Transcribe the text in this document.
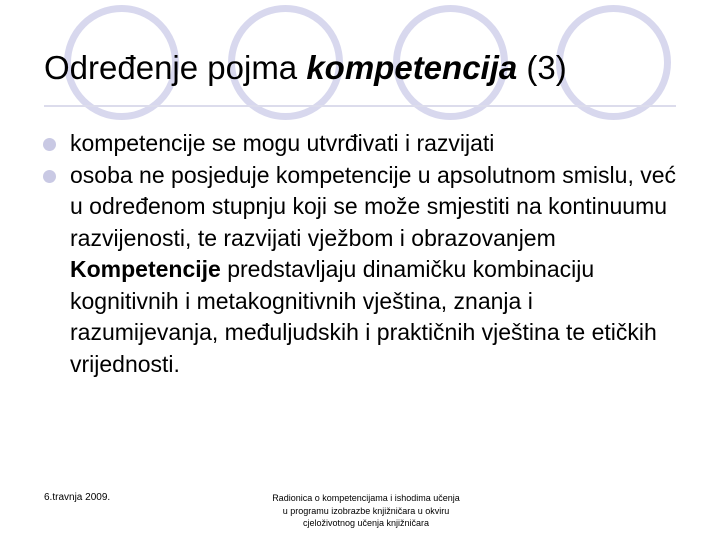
Određenje pojma kompetencija (3)

kompetencije se mogu utvrđivati i razvijati

osoba ne posjeduje kompetencije u apsolutnom smislu, već u određenom stupnju koji se može smjestiti na kontinuumu razvijenosti, te razvijati vježbom i obrazovanjem

Kompetencije predstavljaju dinamičku kombinaciju kognitivnih i metakognitivnih vještina, znanja i razumijevanja, međuljudskih i praktičnih vještina te etičkih vrijednosti.

6.travnja 2009.	Radionica o kompetencijama i ishodima učenja
u programu izobrazbe knjižničara u okviru
cjeloživotnog učenja knjižničara
